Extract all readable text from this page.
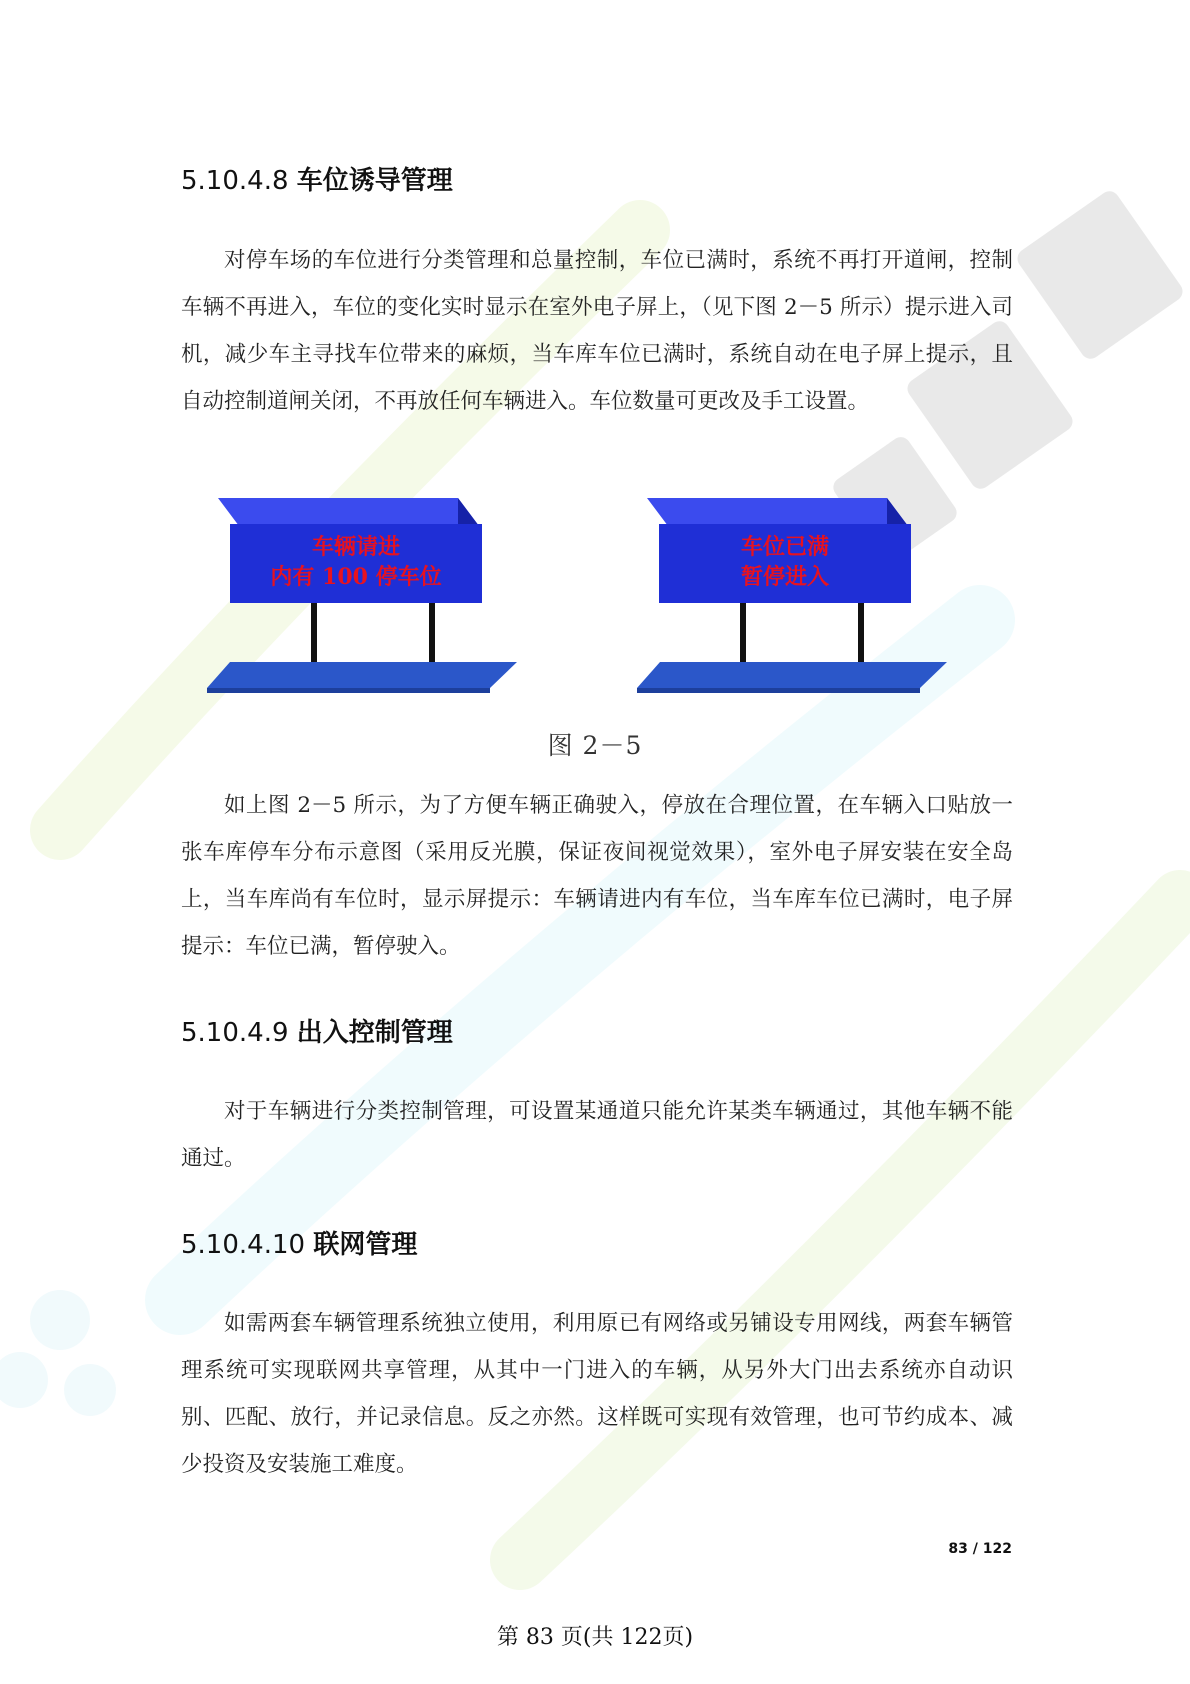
5.10.4.8 车位诱导管理

对停车场的车位进行分类管理和总量控制，车位已满时，系统不再打开道闸，控制车辆不再进入，车位的变化实时显示在室外电子屏上，（见下图 2－5 所示）提示进入司机，减少车主寻找车位带来的麻烦，当车库车位已满时，系统自动在电子屏上提示，且自动控制道闸关闭，不再放任何车辆进入。车位数量可更改及手工设置。

车辆请进
内有 100 停车位
车位已满
暂停进入

图 2－5

如上图 2－5 所示，为了方便车辆正确驶入，停放在合理位置，在车辆入口贴放一张车库停车分布示意图（采用反光膜，保证夜间视觉效果），室外电子屏安装在安全岛上，当车库尚有车位时，显示屏提示：车辆请进内有车位，当车库车位已满时，电子屏提示：车位已满，暂停驶入。

5.10.4.9 出入控制管理

对于车辆进行分类控制管理，可设置某通道只能允许某类车辆通过，其他车辆不能通过。

5.10.4.10 联网管理

如需两套车辆管理系统独立使用，利用原已有网络或另铺设专用网线，两套车辆管理系统可实现联网共享管理，从其中一门进入的车辆，从另外大门出去系统亦自动识别、匹配、放行，并记录信息。反之亦然。这样既可实现有效管理，也可节约成本、减少投资及安装施工难度。

83 / 122
第 83 页(共 122页)
